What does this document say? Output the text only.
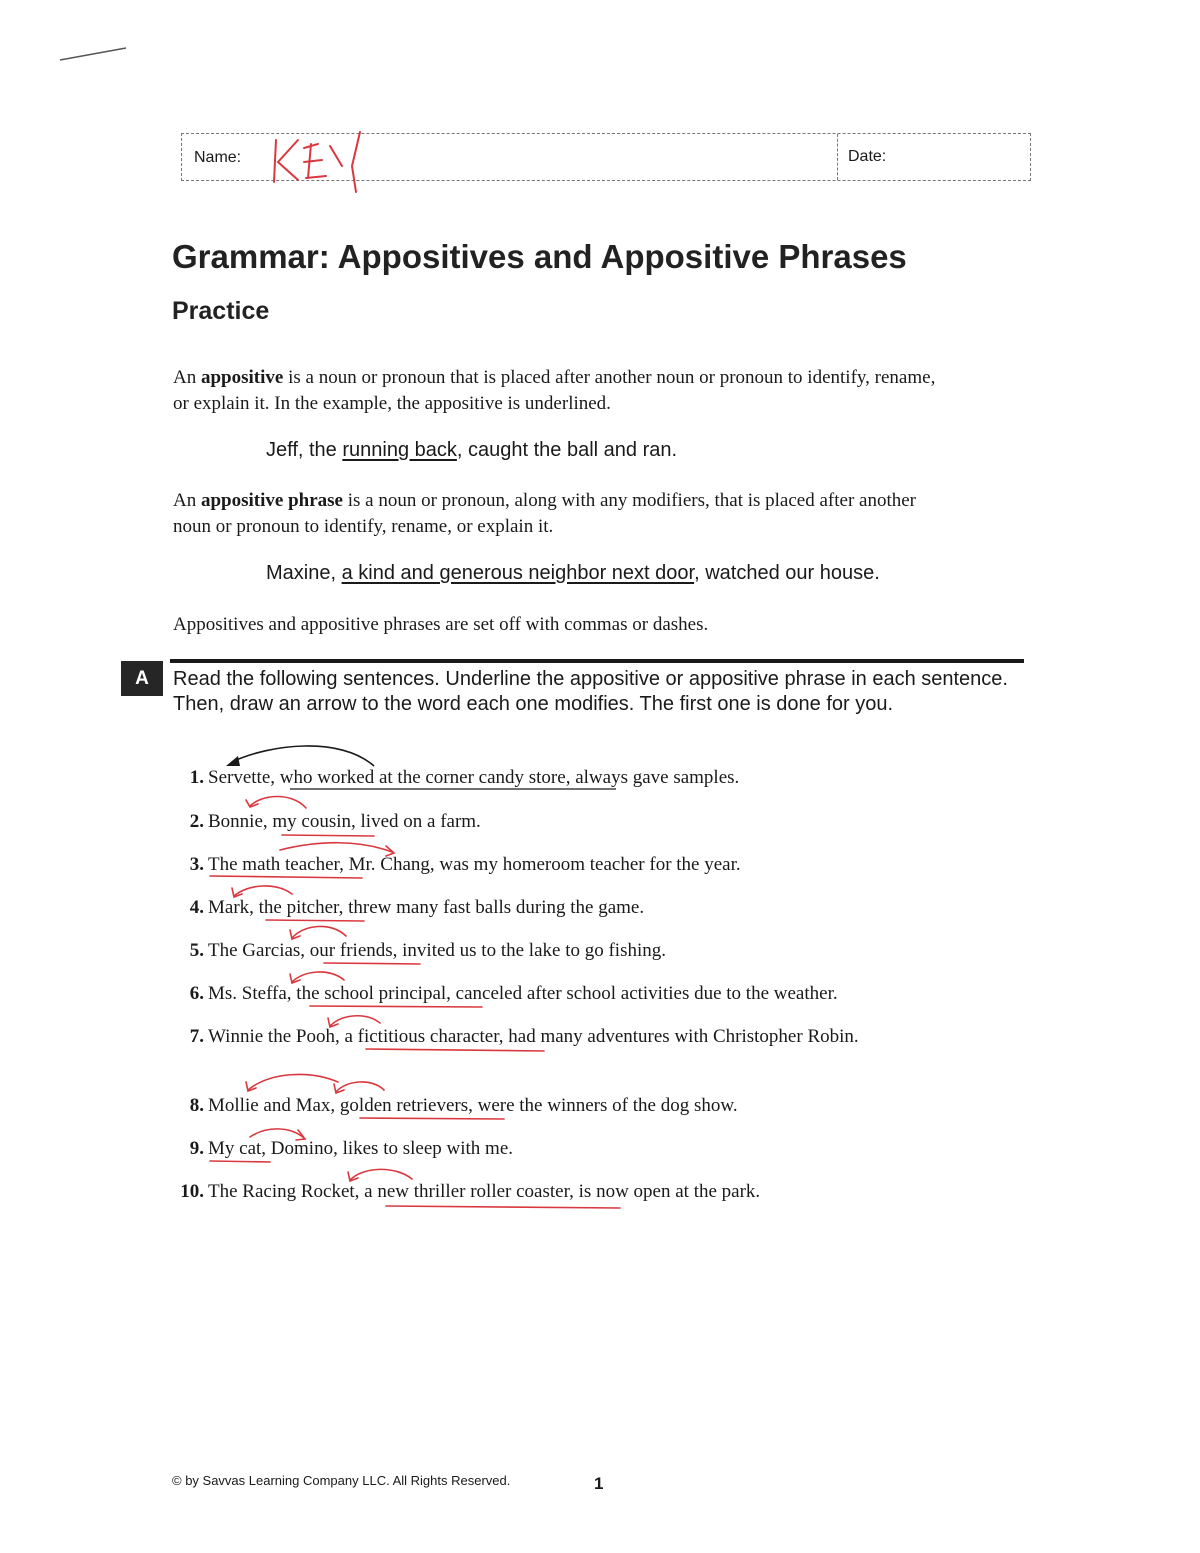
Name:	Date:
Grammar: Appositives and Appositive Phrases
Practice

An appositive is a noun or pronoun that is placed after another noun or pronoun to identify, rename, or explain it. In the example, the appositive is underlined.

Jeff, the running back, caught the ball and ran.

An appositive phrase is a noun or pronoun, along with any modifiers, that is placed after another noun or pronoun to identify, rename, or explain it.

Maxine, a kind and generous neighbor next door, watched our house.

Appositives and appositive phrases are set off with commas or dashes.

A	Read the following sentences. Underline the appositive or appositive phrase in each sentence. Then, draw an arrow to the word each one modifies. The first one is done for you.

1. Servette, who worked at the corner candy store, always gave samples.
2. Bonnie, my cousin, lived on a farm.
3. The math teacher, Mr. Chang, was my homeroom teacher for the year.
4. Mark, the pitcher, threw many fast balls during the game.
5. The Garcias, our friends, invited us to the lake to go fishing.
6. Ms. Steffa, the school principal, canceled after school activities due to the weather.
7. Winnie the Pooh, a fictitious character, had many adventures with Christopher Robin.
8. Mollie and Max, golden retrievers, were the winners of the dog show.
9. My cat, Domino, likes to sleep with me.
10. The Racing Rocket, a new thriller roller coaster, is now open at the park.
© by Savvas Learning Company LLC. All Rights Reserved.	1
